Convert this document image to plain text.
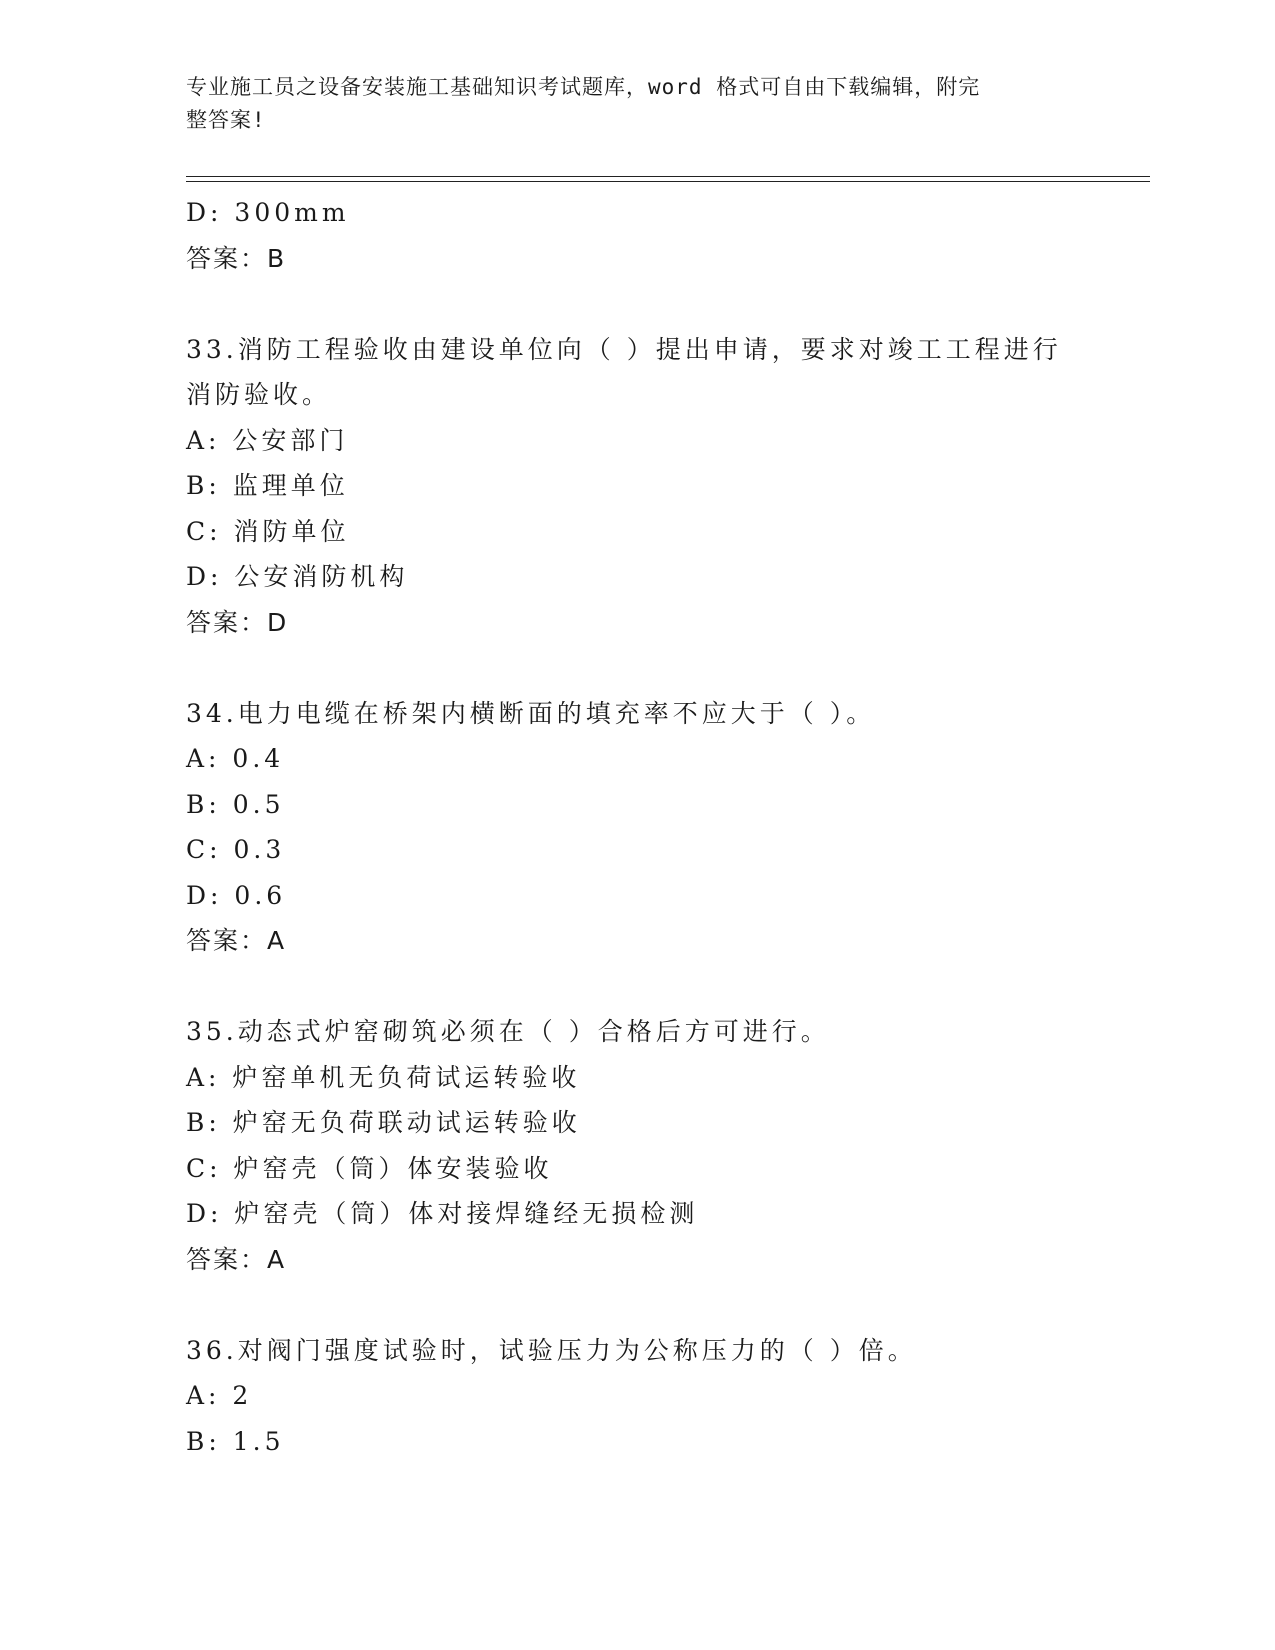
专业施工员之设备安装施工基础知识考试题库，word 格式可自由下载编辑，附完
整答案!
D: 300mm
答案：B
33.消防工程验收由建设单位向（ ）提出申请，要求对竣工工程进行
消防验收。
A: 公安部门
B: 监理单位
C: 消防单位
D: 公安消防机构
答案：D
34.电力电缆在桥架内横断面的填充率不应大于（ ）。
A: 0.4
B: 0.5
C: 0.3
D: 0.6
答案：A
35.动态式炉窑砌筑必须在（ ）合格后方可进行。
A: 炉窑单机无负荷试运转验收
B: 炉窑无负荷联动试运转验收
C: 炉窑壳（筒）体安装验收
D: 炉窑壳（筒）体对接焊缝经无损检测
答案：A
36.对阀门强度试验时，试验压力为公称压力的（ ）倍。
A: 2
B: 1.5
